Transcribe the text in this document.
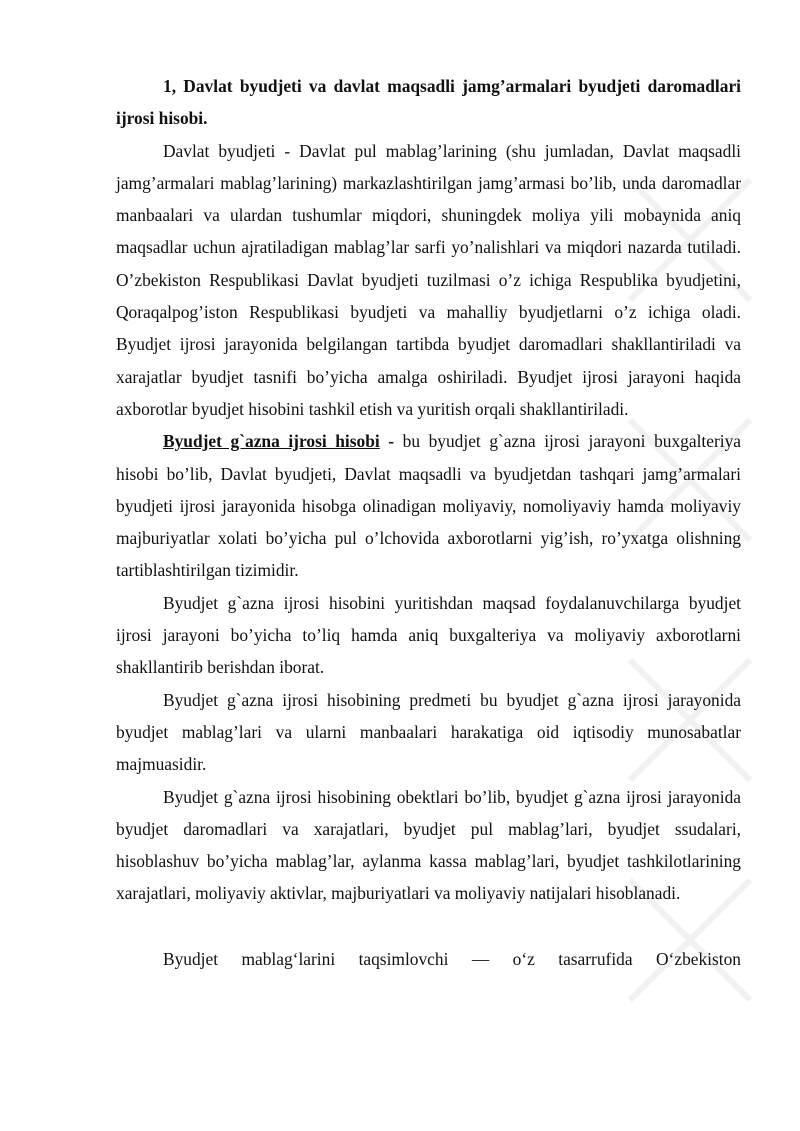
1, Davlat byudjeti va davlat maqsadli jamg’armalari byudjeti daromadlari ijrosi hisobi.

Davlat byudjeti - Davlat pul mablag’larining (shu jumladan, Davlat maqsadli jamg’armalari mablag’larining) markazlashtirilgan jamg’armasi bo’lib, unda daromadlar manbaalari va ulardan tushumlar miqdori, shuningdek moliya yili mobaynida aniq maqsadlar uchun ajratiladigan mablag’lar sarfi yo’nalishlari va miqdori nazarda tutiladi. O’zbekiston Respublikasi Davlat byudjeti tuzilmasi o’z ichiga Respublika byudjetini, Qoraqalpog’iston Respublikasi byudjeti va mahalliy byudjetlarni o’z ichiga oladi. Byudjet ijrosi jarayonida belgilangan tartibda byudjet daromadlari shakllantiriladi va xarajatlar byudjet tasnifi bo’yicha amalga oshiriladi. Byudjet ijrosi jarayoni haqida axborotlar byudjet hisobini tashkil etish va yuritish orqali shakllantiriladi.

Byudjet g`azna ijrosi hisobi - bu byudjet g`azna ijrosi jarayoni buxgalteriya hisobi bo’lib, Davlat byudjeti, Davlat maqsadli va byudjetdan tashqari jamg’armalari byudjeti ijrosi jarayonida hisobga olinadigan moliyaviy, nomoliyaviy hamda moliyaviy majburiyatlar xolati bo’yicha pul o’lchovida axborotlarni yig’ish, ro’yxatga olishning tartiblashtirilgan tizimidir.

Byudjet g`azna ijrosi hisobini yuritishdan maqsad foydalanuvchilarga byudjet ijrosi jarayoni bo’yicha to’liq hamda aniq buxgalteriya va moliyaviy axborotlarni shakllantirib berishdan iborat.

Byudjet g`azna ijrosi hisobining predmeti bu byudjet g`azna ijrosi jarayonida byudjet mablag’lari va ularni manbaalari harakatiga oid iqtisodiy munosabatlar majmuasidir.

Byudjet g`azna ijrosi hisobining obektlari bo’lib, byudjet g`azna ijrosi jarayonida byudjet daromadlari va xarajatlari, byudjet pul mablag’lari, byudjet ssudalari, hisoblashuv bo’yicha mablag’lar, aylanma kassa mablag’lari, byudjet tashkilotlarining xarajatlari, moliyaviy aktivlar, majburiyatlari va moliyaviy natijalari hisoblanadi.

Byudjet mablag‘larini taqsimlovchi — o‘z tasarrufida O‘zbekiston
